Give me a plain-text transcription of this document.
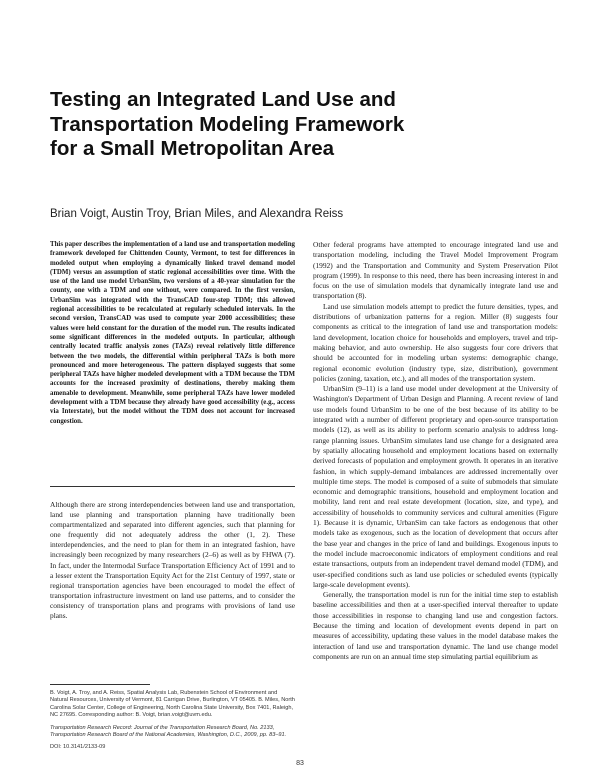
Testing an Integrated Land Use and
Transportation Modeling Framework
for a Small Metropolitan Area

Brian Voigt, Austin Troy, Brian Miles, and Alexandra Reiss

This paper describes the implementation of a land use and transportation modeling framework developed for Chittenden County, Vermont, to test for differences in modeled output when employing a dynamically linked travel demand model (TDM) versus an assumption of static regional accessibilities over time. With the use of the land use model UrbanSim, two versions of a 40-year simulation for the county, one with a TDM and one without, were compared. In the first version, UrbanSim was integrated with the TransCAD four-step TDM; this allowed regional accessibilities to be recalculated at regularly scheduled intervals. In the second version, TransCAD was used to compute year 2000 accessibilities; these values were held constant for the duration of the model run. The results indicated some significant differences in the modeled outputs. In particular, although centrally located traffic analysis zones (TAZs) reveal relatively little difference between the two models, the differential within peripheral TAZs is both more pronounced and more heterogeneous. The pattern displayed suggests that some peripheral TAZs have higher modeled development with a TDM because the TDM accounts for the increased proximity of destinations, thereby making them amenable to development. Meanwhile, some peripheral TAZs have lower modeled development with a TDM because they already have good accessibility (e.g., access via Interstate), but the model without the TDM does not account for increased congestion.

Although there are strong interdependencies between land use and transportation, land use planning and transportation planning have traditionally been compartmentalized and separated into different agencies, such that planning for one frequently did not adequately address the other (1, 2). These interdependencies, and the need to plan for them in an integrated fashion, have increasingly been recognized by many researchers (2–6) as well as by FHWA (7). In fact, under the Intermodal Surface Transportation Efficiency Act of 1991 and to a lesser extent the Transportation Equity Act for the 21st Century of 1997, state or regional transportation agencies have been encouraged to model the effect of transportation infrastructure investment on land use patterns, and to consider the consistency of transportation plans and programs with provisions of land use plans.

B. Voigt, A. Troy, and A. Reiss, Spatial Analysis Lab, Rubenstein School of Environment and Natural Resources, University of Vermont, 81 Carrigan Drive, Burlington, VT 05405. B. Miles, North Carolina Solar Center, College of Engineering, North Carolina State University, Box 7401, Raleigh, NC 27695. Corresponding author: B. Voigt, brian.voigt@uvm.edu.

Transportation Research Record: Journal of the Transportation Research Board, No. 2133, Transportation Research Board of the National Academies, Washington, D.C., 2009, pp. 83–91.

DOI: 10.3141/2133-09

Other federal programs have attempted to encourage integrated land use and transportation modeling, including the Travel Model Improvement Program (1992) and the Transportation and Community and System Preservation Pilot program (1999). In response to this need, there has been increasing interest in and focus on the use of simulation models that dynamically integrate land use and transportation (8).

Land use simulation models attempt to predict the future densities, types, and distributions of urbanization patterns for a region. Miller (8) suggests four components as critical to the integration of land use and transportation models: land development, location choice for households and employers, travel and trip-making behavior, and auto ownership. He also suggests four core drivers that should be accounted for in modeling urban systems: demographic change, regional economic evolution (industry type, size, distribution), government policies (zoning, taxation, etc.), and all modes of the transportation system.

UrbanSim (9–11) is a land use model under development at the University of Washington's Department of Urban Design and Planning. A recent review of land use models found UrbanSim to be one of the best because of its ability to be integrated with a number of different proprietary and open-source transportation models (12), as well as its ability to perform scenario analysis to address long-range planning issues. UrbanSim simulates land use change for a designated area by spatially allocating household and employment locations based on externally derived forecasts of population and employment growth. It operates in an iterative fashion, in which supply-demand imbalances are addressed incrementally over multiple time steps. The model is composed of a suite of submodels that simulate economic and demographic transitions, household and employment location and mobility, land rent and real estate development (location, size, and type), and accessibility of households to community services and cultural amenities (Figure 1). Because it is dynamic, UrbanSim can take factors as endogenous that other models take as exogenous, such as the location of development that occurs after the base year and changes in the price of land and buildings. Exogenous inputs to the model include macroeconomic indicators of employment conditions and real estate transactions, outputs from an independent travel demand model (TDM), and user-specified conditions such as land use policies or scheduled events (typically large-scale development events).

Generally, the transportation model is run for the initial time step to establish baseline accessibilities and then at a user-specified interval thereafter to update those accessibilities in response to changing land use and congestion factors. Because the timing and location of development events depend in part on measures of accessibility, updating these values in the model database makes the interaction of land use and transportation dynamic. The land use change model components are run on an annual time step simulating partial equilibrium as

83
